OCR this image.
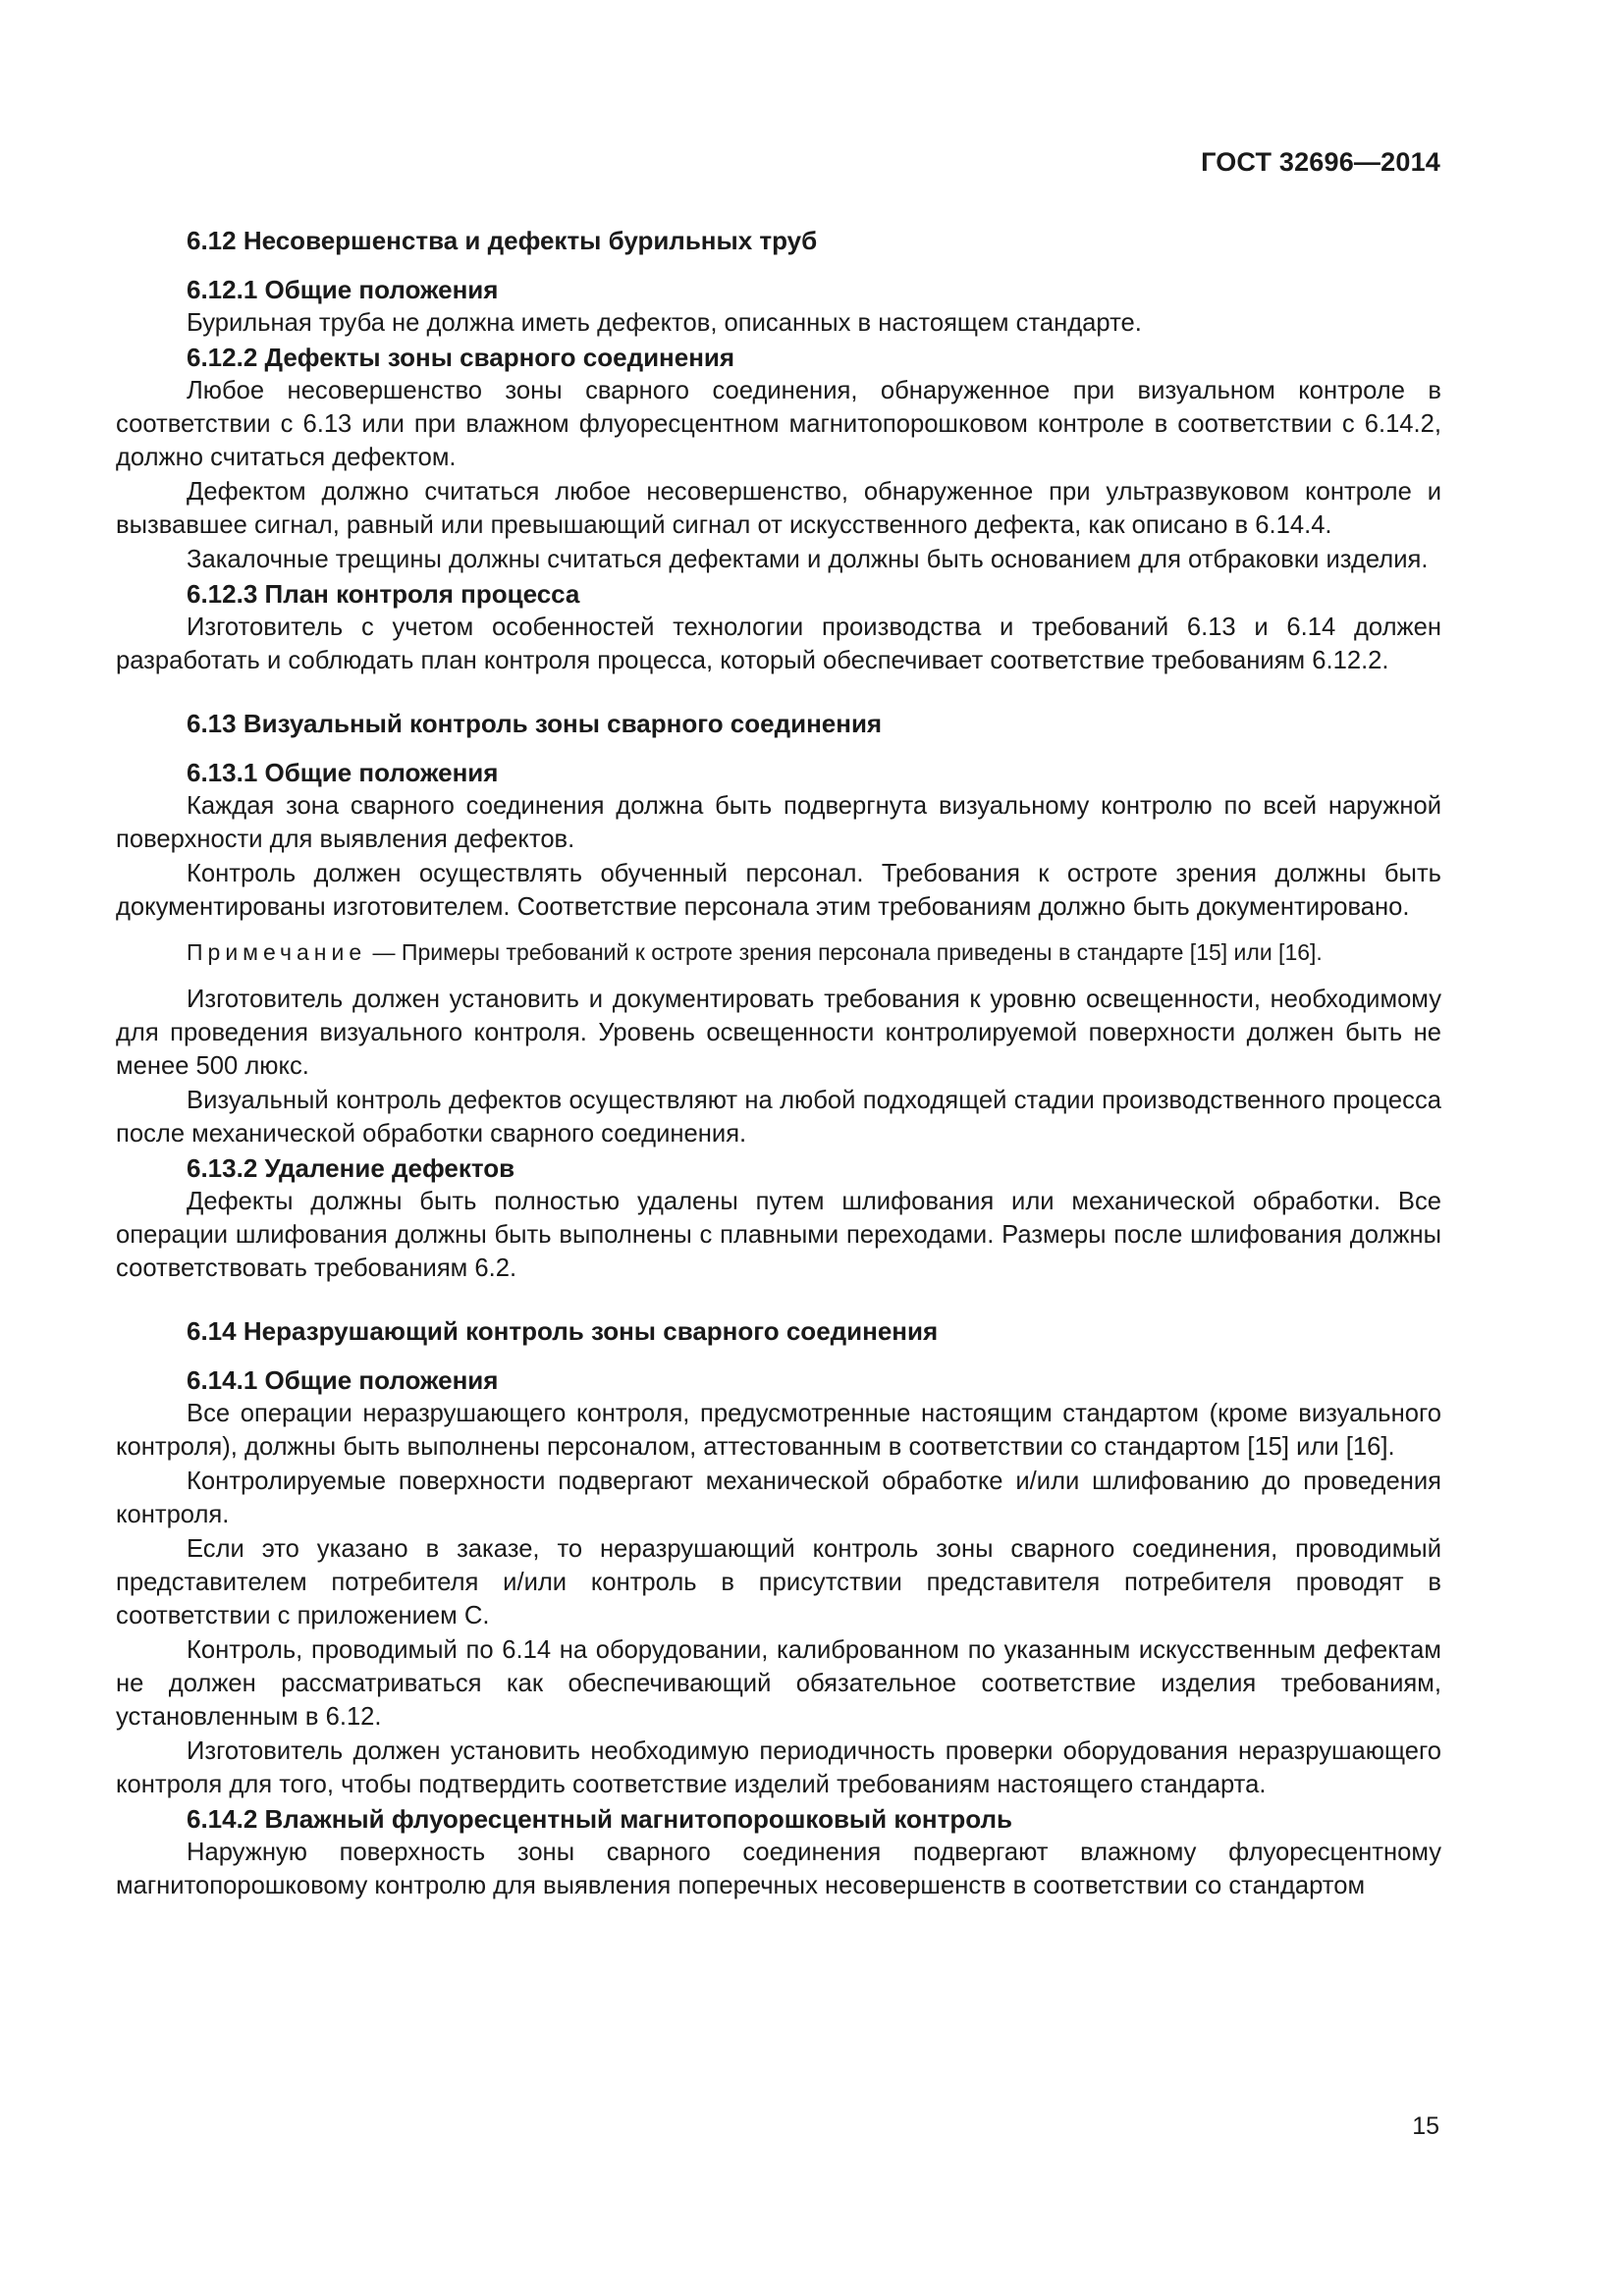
ГОСТ 32696—2014

6.12 Несовершенства и дефекты бурильных труб

6.12.1 Общие положения

Бурильная труба не должна иметь дефектов, описанных в настоящем стандарте.

6.12.2 Дефекты зоны сварного соединения

Любое несовершенство зоны сварного соединения, обнаруженное при визуальном контроле в соответствии с 6.13 или при влажном флуоресцентном магнитопорошковом контроле в соответствии с 6.14.2, должно считаться дефектом.

Дефектом должно считаться любое несовершенство, обнаруженное при ультразвуковом контроле и вызвавшее сигнал, равный или превышающий сигнал от искусственного дефекта, как описано в 6.14.4.

Закалочные трещины должны считаться дефектами и должны быть основанием для отбраковки изделия.

6.12.3 План контроля процесса

Изготовитель с учетом особенностей технологии производства и требований 6.13 и 6.14 должен разработать и соблюдать план контроля процесса, который обеспечивает соответствие требованиям 6.12.2.

6.13 Визуальный контроль зоны сварного соединения

6.13.1 Общие положения

Каждая зона сварного соединения должна быть подвергнута визуальному контролю по всей наружной поверхности для выявления дефектов.

Контроль должен осуществлять обученный персонал. Требования к остроте зрения должны быть документированы изготовителем. Соответствие персонала этим требованиям должно быть документировано.

Примечание — Примеры требований к остроте зрения персонала приведены в стандарте [15] или [16].

Изготовитель должен установить и документировать требования к уровню освещенности, необходимому для проведения визуального контроля. Уровень освещенности контролируемой поверхности должен быть не менее 500 люкс.

Визуальный контроль дефектов осуществляют на любой подходящей стадии производственного процесса после механической обработки сварного соединения.

6.13.2 Удаление дефектов

Дефекты должны быть полностью удалены путем шлифования или механической обработки. Все операции шлифования должны быть выполнены с плавными переходами. Размеры после шлифования должны соответствовать требованиям 6.2.

6.14 Неразрушающий контроль зоны сварного соединения

6.14.1 Общие положения

Все операции неразрушающего контроля, предусмотренные настоящим стандартом (кроме визуального контроля), должны быть выполнены персоналом, аттестованным в соответствии со стандартом [15] или [16].

Контролируемые поверхности подвергают механической обработке и/или шлифованию до проведения контроля.

Если это указано в заказе, то неразрушающий контроль зоны сварного соединения, проводимый представителем потребителя и/или контроль в присутствии представителя потребителя проводят в соответствии с приложением С.

Контроль, проводимый по 6.14 на оборудовании, калиброванном по указанным искусственным дефектам не должен рассматриваться как обеспечивающий обязательное соответствие изделия требованиям, установленным в 6.12.

Изготовитель должен установить необходимую периодичность проверки оборудования неразрушающего контроля для того, чтобы подтвердить соответствие изделий требованиям настоящего стандарта.

6.14.2 Влажный флуоресцентный магнитопорошковый контроль

Наружную поверхность зоны сварного соединения подвергают влажному флуоресцентному магнитопорошковому контролю для выявления поперечных несовершенств в соответствии со стандартом

15
